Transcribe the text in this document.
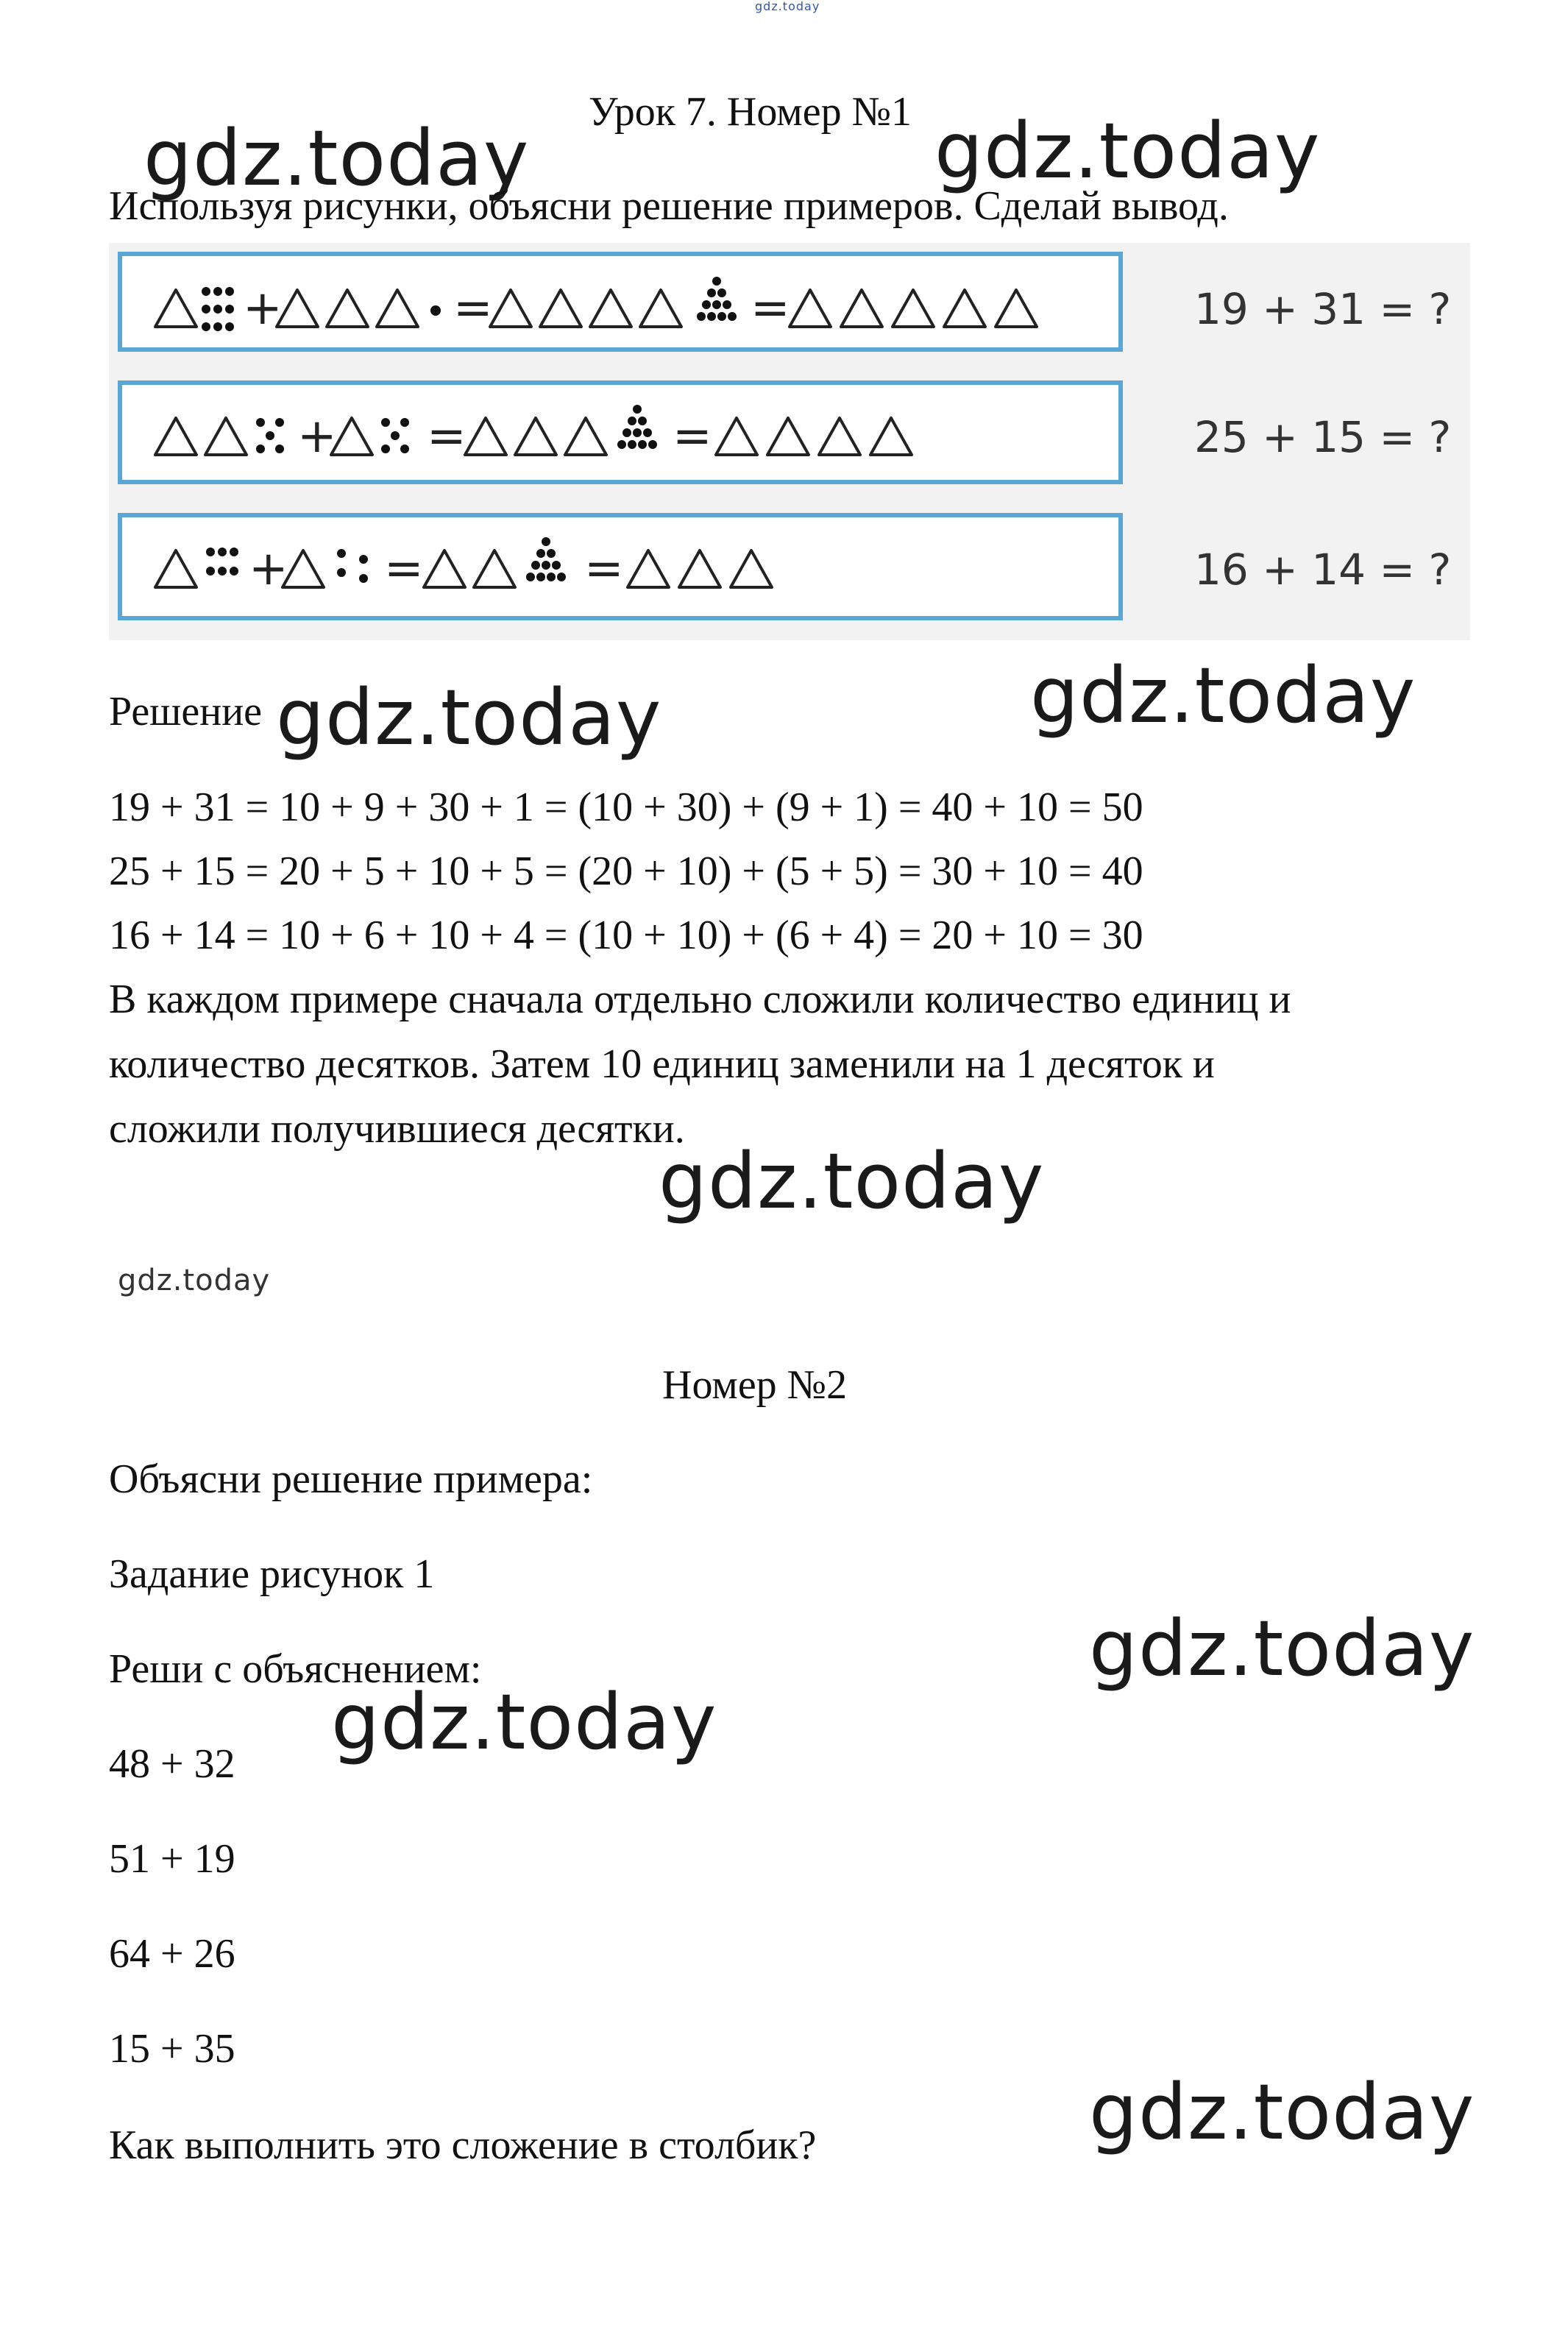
gdz.today
gdz.today	gdz.today
gdz.today	gdz.today
gdz.today
gdz.today
gdz.today
gdz.today
gdz.today
Урок 7. Номер №1
Используя рисунки, объясни решение примеров. Сделай вывод.
+	=	=	19 + 31 = ?
+ =	=	25 + 15 = ?
+ =	=	16 + 14 = ?
Решение
19 + 31 = 10 + 9 + 30 + 1 = (10 + 30) + (9 + 1) = 40 + 10 = 50
25 + 15 = 20 + 5 + 10 + 5 = (20 + 10) + (5 + 5) = 30 + 10 = 40
16 + 14 = 10 + 6 + 10 + 4 = (10 + 10) + (6 + 4) = 20 + 10 = 30
В каждом примере сначала отдельно сложили количество единиц и
количество десятков. Затем 10 единиц заменили на 1 десяток и
сложили получившиеся десятки.
Номер №2
Объясни решение примера:
Задание рисунок 1
Реши с объяснением:
48 + 32
51 + 19
64 + 26
15 + 35
Как выполнить это сложение в столбик?
